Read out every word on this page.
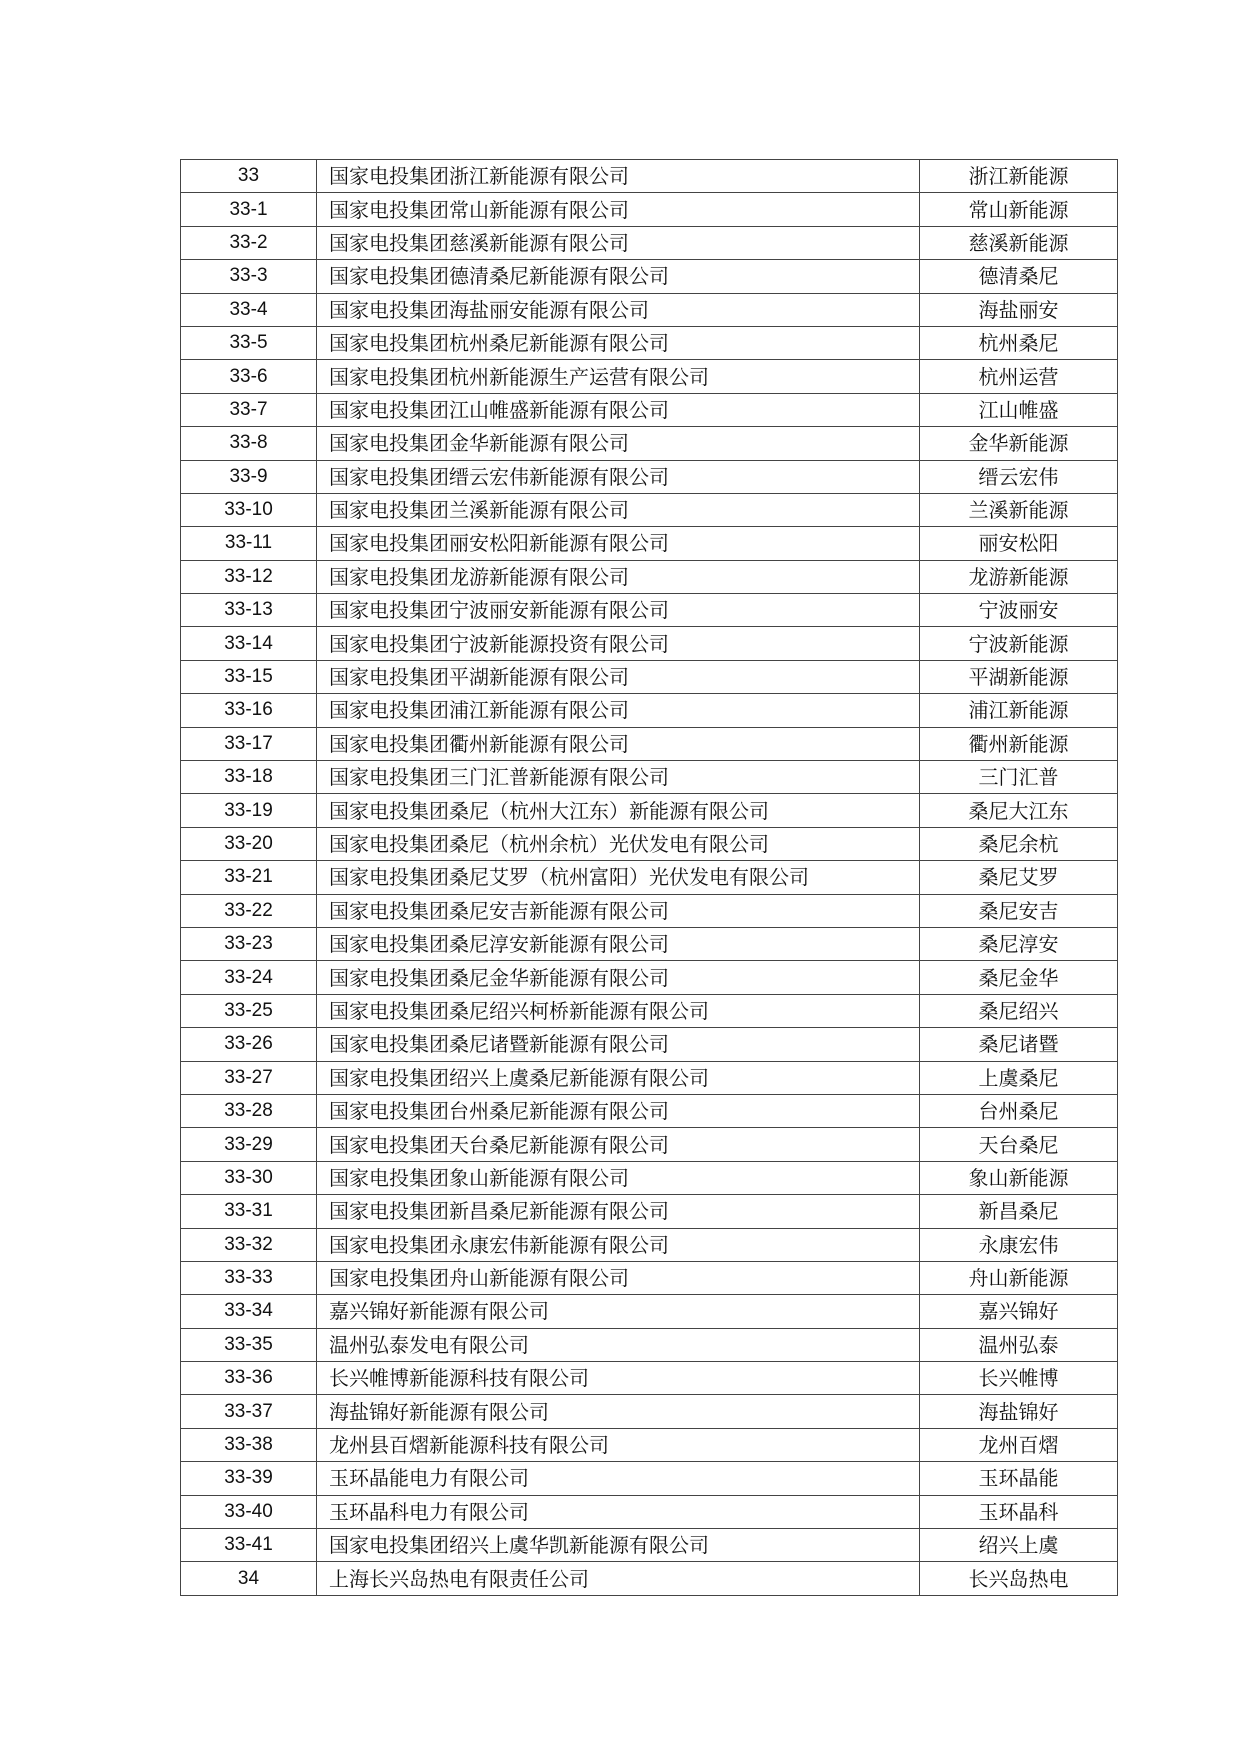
33	国家电投集团浙江新能源有限公司	浙江新能源
33-1	国家电投集团常山新能源有限公司	常山新能源
33-2	国家电投集团慈溪新能源有限公司	慈溪新能源
33-3	国家电投集团德清桑尼新能源有限公司	德清桑尼
33-4	国家电投集团海盐丽安能源有限公司	海盐丽安
33-5	国家电投集团杭州桑尼新能源有限公司	杭州桑尼
33-6	国家电投集团杭州新能源生产运营有限公司	杭州运营
33-7	国家电投集团江山帷盛新能源有限公司	江山帷盛
33-8	国家电投集团金华新能源有限公司	金华新能源
33-9	国家电投集团缙云宏伟新能源有限公司	缙云宏伟
33-10	国家电投集团兰溪新能源有限公司	兰溪新能源
33-11	国家电投集团丽安松阳新能源有限公司	丽安松阳
33-12	国家电投集团龙游新能源有限公司	龙游新能源
33-13	国家电投集团宁波丽安新能源有限公司	宁波丽安
33-14	国家电投集团宁波新能源投资有限公司	宁波新能源
33-15	国家电投集团平湖新能源有限公司	平湖新能源
33-16	国家电投集团浦江新能源有限公司	浦江新能源
33-17	国家电投集团衢州新能源有限公司	衢州新能源
33-18	国家电投集团三门汇普新能源有限公司	三门汇普
33-19	国家电投集团桑尼（杭州大江东）新能源有限公司	桑尼大江东
33-20	国家电投集团桑尼（杭州余杭）光伏发电有限公司	桑尼余杭
33-21	国家电投集团桑尼艾罗（杭州富阳）光伏发电有限公司	桑尼艾罗
33-22	国家电投集团桑尼安吉新能源有限公司	桑尼安吉
33-23	国家电投集团桑尼淳安新能源有限公司	桑尼淳安
33-24	国家电投集团桑尼金华新能源有限公司	桑尼金华
33-25	国家电投集团桑尼绍兴柯桥新能源有限公司	桑尼绍兴
33-26	国家电投集团桑尼诸暨新能源有限公司	桑尼诸暨
33-27	国家电投集团绍兴上虞桑尼新能源有限公司	上虞桑尼
33-28	国家电投集团台州桑尼新能源有限公司	台州桑尼
33-29	国家电投集团天台桑尼新能源有限公司	天台桑尼
33-30	国家电投集团象山新能源有限公司	象山新能源
33-31	国家电投集团新昌桑尼新能源有限公司	新昌桑尼
33-32	国家电投集团永康宏伟新能源有限公司	永康宏伟
33-33	国家电投集团舟山新能源有限公司	舟山新能源
33-34	嘉兴锦好新能源有限公司	嘉兴锦好
33-35	温州弘泰发电有限公司	温州弘泰
33-36	长兴帷博新能源科技有限公司	长兴帷博
33-37	海盐锦好新能源有限公司	海盐锦好
33-38	龙州县百熠新能源科技有限公司	龙州百熠
33-39	玉环晶能电力有限公司	玉环晶能
33-40	玉环晶科电力有限公司	玉环晶科
33-41	国家电投集团绍兴上虞华凯新能源有限公司	绍兴上虞
34	上海长兴岛热电有限责任公司	长兴岛热电
